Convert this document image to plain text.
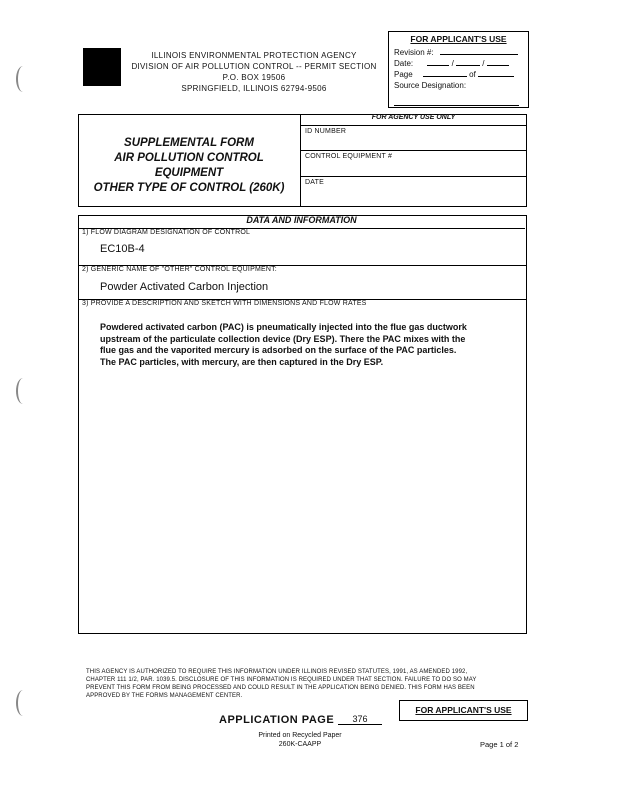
ILLINOIS ENVIRONMENTAL PROTECTION AGENCY
DIVISION OF AIR POLLUTION CONTROL -- PERMIT SECTION
P.O. BOX 19506
SPRINGFIELD, ILLINOIS 62794-9506
FOR APPLICANT'S USE
Revision #:
Date:	/	/
Page	of
Source Designation:
SUPPLEMENTAL FORM
AIR POLLUTION CONTROL
EQUIPMENT
OTHER TYPE OF CONTROL (260K)
FOR AGENCY USE ONLY
ID NUMBER
CONTROL EQUIPMENT #
DATE
DATA AND INFORMATION
1) FLOW DIAGRAM DESIGNATION OF CONTROL
EC10B-4
2) GENERIC NAME OF "OTHER" CONTROL EQUIPMENT:
Powder Activated Carbon Injection
3) PROVIDE A DESCRIPTION AND SKETCH WITH DIMENSIONS AND FLOW RATES
Powdered activated carbon (PAC) is pneumatically injected into the flue gas ductwork
upstream of the particulate collection device (Dry ESP). There the PAC mixes with the
flue gas and the vaporited mercury is adsorbed on the surface of the PAC particles.
The PAC particles, with mercury, are then captured in the Dry ESP.
THIS AGENCY IS AUTHORIZED TO REQUIRE THIS INFORMATION UNDER ILLINOIS REVISED STATUTES, 1991, AS AMENDED 1992,
CHAPTER 111 1/2, PAR. 1039.5. DISCLOSURE OF THIS INFORMATION IS REQUIRED UNDER THAT SECTION. FAILURE TO DO SO MAY
PREVENT THIS FORM FROM BEING PROCESSED AND COULD RESULT IN THE APPLICATION BEING DENIED. THIS FORM HAS BEEN
APPROVED BY THE FORMS MANAGEMENT CENTER.
FOR APPLICANT'S USE
APPLICATION PAGE	376
Printed on Recycled Paper
260K-CAAPP	Page 1 of 2
